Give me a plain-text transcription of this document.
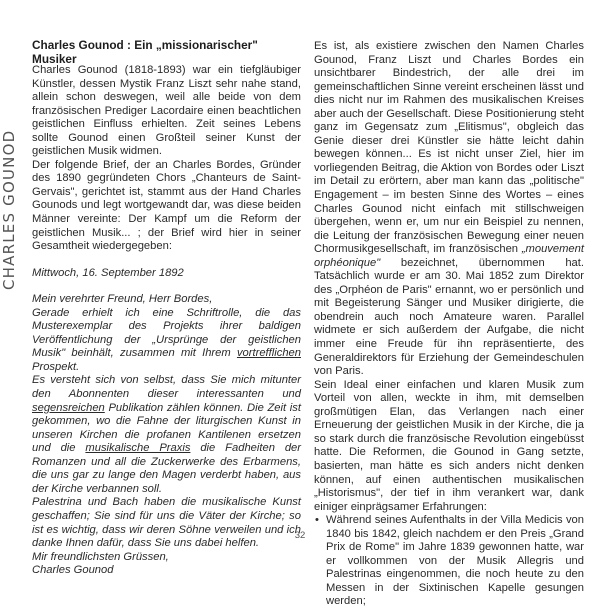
CHARLES GOUNOD
Charles Gounod : Ein „missionarischer" Musiker

Charles Gounod (1818-1893) war ein tiefgläubiger Künstler, dessen Mystik Franz Liszt sehr nahe stand, allein schon deswegen, weil alle beide von dem französischen Prediger Lacordaire einen beachtlichen geistlichen Einfluss erhielten. Zeit seines Lebens sollte Gounod einen Großteil seiner Kunst der geistlichen Musik widmen.

Der folgende Brief, der an Charles Bordes, Gründer des 1890 gegründeten Chors „Chanteurs de Saint-Gervais", gerichtet ist, stammt aus der Hand Charles Gounods und legt wortgewandt dar, was diese beiden Männer vereinte: Der Kampf um die Reform der geistlichen Musik... ; der Brief wird hier in seiner Gesamtheit wiedergegeben:

Mittwoch, 16. September 1892

Mein verehrter Freund, Herr Bordes,

Gerade erhielt ich eine Schriftrolle, die das Musterexemplar des Projekts ihrer baldigen Veröffentlichung der „Ursprünge der geistlichen Musik" beinhält, zusammen mit Ihrem vortrefflichen Prospekt.

Es versteht sich von selbst, dass Sie mich mitunter den Abonnenten dieser interessanten und segensreichen Publikation zählen können. Die Zeit ist gekommen, wo die Fahne der liturgischen Kunst in unseren Kirchen die profanen Kantilenen ersetzen und die musikalische Praxis die Fadheiten der Romanzen und all die Zuckerwerke des Erbarmens, die uns gar zu lange den Magen verderbt haben, aus der Kirche verbannen soll.

Palestrina und Bach haben die musikalische Kunst geschaffen; Sie sind für uns die Väter der Kirche; so ist es wichtig, dass wir deren Söhne verweilen und ich danke Ihnen dafür, dass Sie uns dabei helfen.

Mir freundlichsten Grüssen,

Charles Gounod

Es ist, als existiere zwischen den Namen Charles Gounod, Franz Liszt und Charles Bordes ein unsichtbarer Bindestrich, der alle drei im gemeinschaftlichen Sinne vereint erscheinen lässt und dies nicht nur im Rahmen des musikalischen Kreises aber auch der Gesellschaft. Diese Positionierung steht ganz im Gegensatz zum „Elitismus", obgleich das Genie dieser drei Künstler sie hätte leicht dahin bewegen können... Es ist nicht unser Ziel, hier im vorliegenden Beitrag, die Aktion von Bordes oder Liszt im Detail zu erörtern, aber man kann das „politische" Engagement – im besten Sinne des Wortes – eines Charles Gounod nicht einfach mit stillschweigen übergehen, wenn er, um nur ein Beispiel zu nennen, die Leitung der französischen Bewegung einer neuen Chormusikgesellschaft, im französischen „mouvement orphéonique" bezeichnet, übernommen hat. Tatsächlich wurde er am 30. Mai 1852 zum Direktor des „Orphéon de Paris" ernannt, wo er persönlich und mit Begeisterung Sänger und Musiker dirigierte, die obendrein auch noch Amateure waren. Parallel widmete er sich außerdem der Aufgabe, die nicht immer eine Freude für ihn repräsentierte, des Generaldirektors für Erziehung der Gemeindeschulen von Paris.

Sein Ideal einer einfachen und klaren Musik zum Vorteil von allen, weckte in ihm, mit demselben großmütigen Elan, das Verlangen nach einer Erneuerung der geistlichen Musik in der Kirche, die ja so stark durch die französische Revolution eingebüsst hatte. Die Reformen, die Gounod in Gang setzte, basierten, man hätte es sich anders nicht denken können, auf einen authentischen musikalischen „Historismus", der tief in ihm verankert war, dank einiger einprägsamer Erfahrungen:

• Während seines Aufenthalts in der Villa Medicis von 1840 bis 1842, gleich nachdem er den Preis „Grand Prix de Rome" im Jahre 1839 gewonnen hatte, war er vollkommen von der Musik Allegris und Palestrinas eingenommen, die noch heute zu den Messen in der Sixtinischen Kapelle gesungen werden;
32
